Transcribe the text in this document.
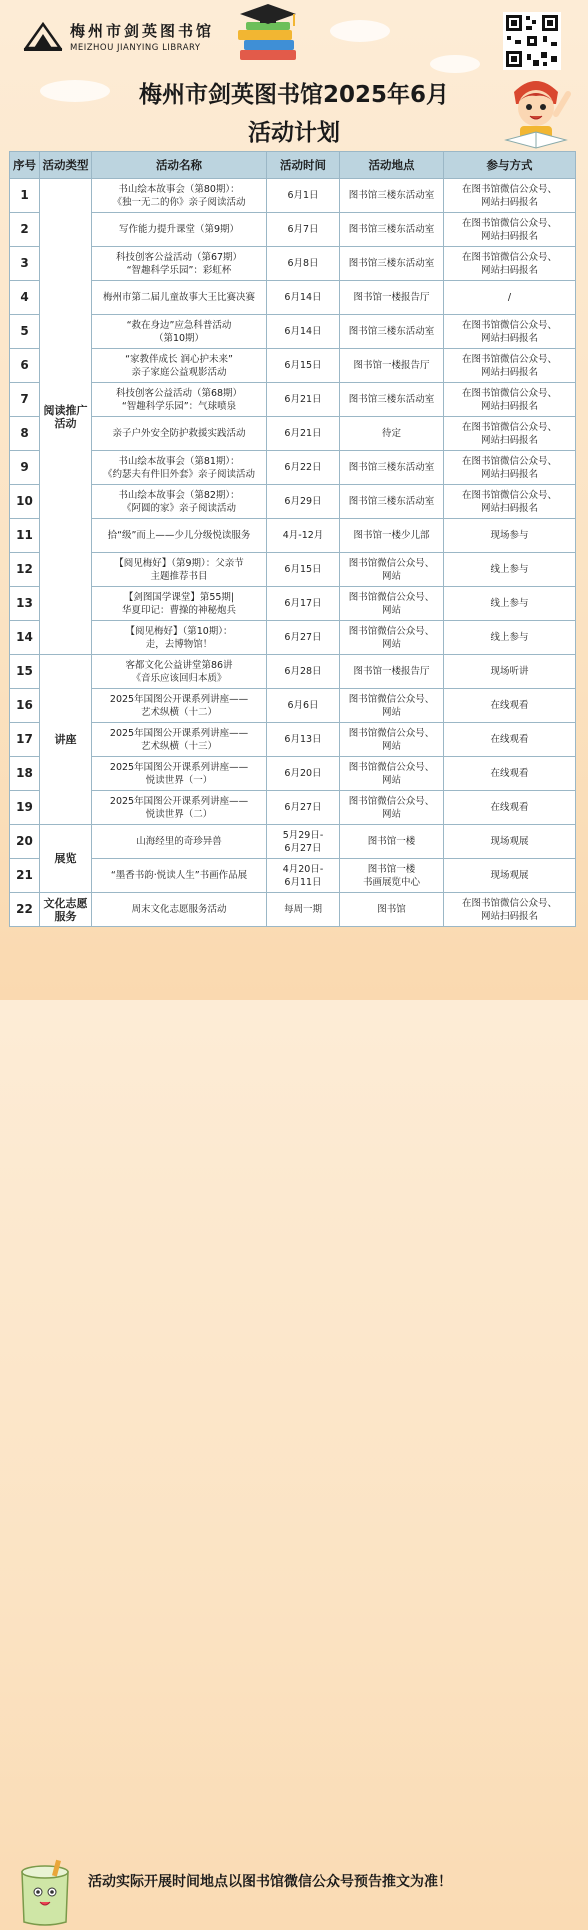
梅州市剑英图书馆
MEIZHOU JIANYING LIBRARY
梅州市剑英图书馆2025年6月
活动计划
序号	活动类型	活动名称	活动时间	活动地点	参与方式
1	阅读推广活动	书山绘本故事会（第80期）：
《独一无二的你》亲子阅读活动	6月1日	图书馆三楼东活动室	在图书馆微信公众号、
网站扫码报名
2		写作能力提升课堂（第9期）	6月7日	图书馆三楼东活动室	在图书馆微信公众号、
网站扫码报名
3		科技创客公益活动（第67期）
“智趣科学乐园”：彩虹杯	6月8日	图书馆三楼东活动室	在图书馆微信公众号、
网站扫码报名
4		梅州市第二届儿童故事大王比赛决赛	6月14日	图书馆一楼报告厅	/
5		“救在身边”应急科普活动
（第10期）	6月14日	图书馆三楼东活动室	在图书馆微信公众号、
网站扫码报名
6		“家教伴成长 润心护未来”
亲子家庭公益观影活动	6月15日	图书馆一楼报告厅	在图书馆微信公众号、
网站扫码报名
7		科技创客公益活动（第68期）
“智趣科学乐园”：气球喷泉	6月21日	图书馆三楼东活动室	在图书馆微信公众号、
网站扫码报名
8		亲子户外安全防护救援实践活动	6月21日	待定	在图书馆微信公众号、
网站扫码报名
9		书山绘本故事会（第81期）：
《约瑟夫有件旧外套》亲子阅读活动	6月22日	图书馆三楼东活动室	在图书馆微信公众号、
网站扫码报名
10		书山绘本故事会（第82期）：
《阿圆的家》亲子阅读活动	6月29日	图书馆三楼东活动室	在图书馆微信公众号、
网站扫码报名
11		拾“级”而上——少儿分级悦读服务	4月-12月	图书馆一楼少儿部	现场参与
12		【阅见梅好】（第9期）：父亲节
主题推荐书目	6月15日	图书馆微信公众号、
网站	线上参与
13		【剑图国学课堂】第55期|
华夏印记：曹操的神秘炮兵	6月17日	图书馆微信公众号、
网站	线上参与
14		【阅见梅好】（第10期）：
走，去博物馆！	6月27日	图书馆微信公众号、
网站	线上参与
15	讲座	客都文化公益讲堂第86讲
《音乐应该回归本质》	6月28日	图书馆一楼报告厅	现场听讲
16		2025年国图公开课系列讲座——
艺术纵横（十二）	6月6日	图书馆微信公众号、
网站	在线观看
17		2025年国图公开课系列讲座——
艺术纵横（十三）	6月13日	图书馆微信公众号、
网站	在线观看
18		2025年国图公开课系列讲座——
悦读世界（一）	6月20日	图书馆微信公众号、
网站	在线观看
19		2025年国图公开课系列讲座——
悦读世界（二）	6月27日	图书馆微信公众号、
网站	在线观看
20	展览	山海经里的奇珍异兽	5月29日-
6月27日	图书馆一楼	现场观展
21		“墨香书韵·悦读人生”书画作品展	4月20日-
6月11日	图书馆一楼
书画展览中心	现场观展
22	文化志愿服务	周末文化志愿服务活动	每周一期	图书馆	在图书馆微信公众号、
网站扫码报名
活动实际开展时间地点以图书馆微信公众号预告推文为准！
